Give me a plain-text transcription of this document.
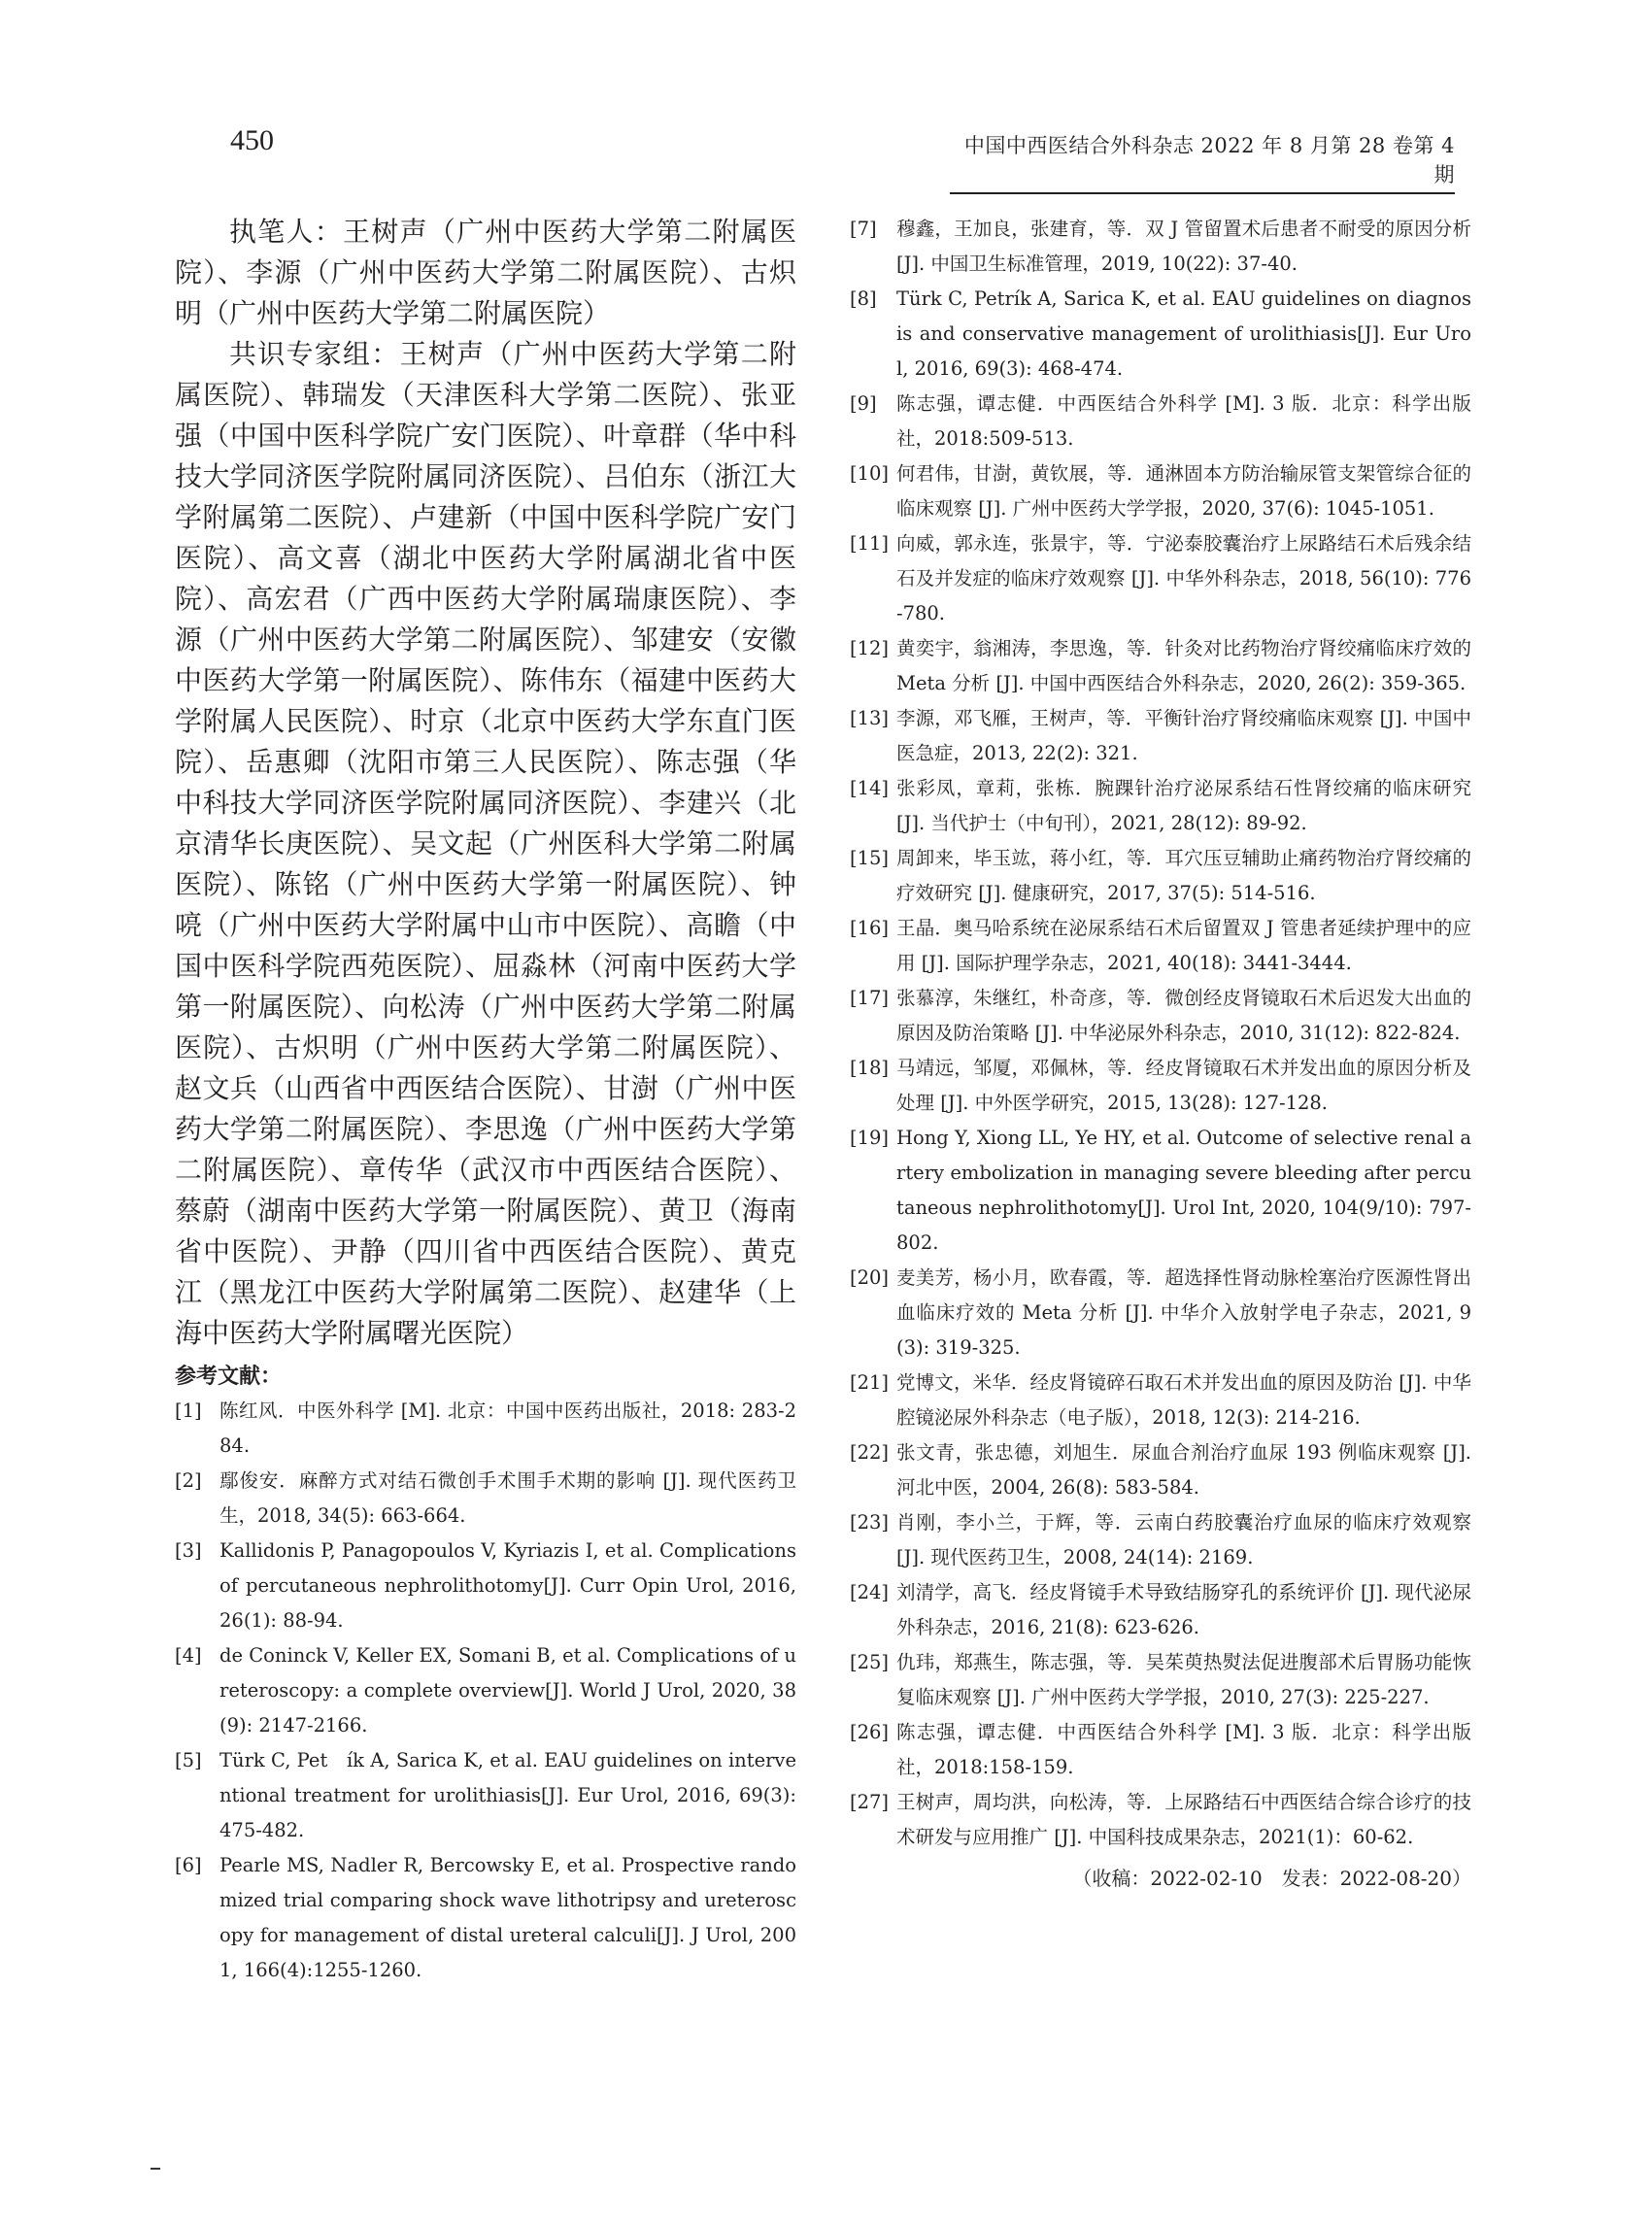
450	中国中西医结合外科杂志 2022 年 8 月第 28 卷第 4 期

执笔人：王树声（广州中医药大学第二附属医院）、李源（广州中医药大学第二附属医院）、古炽明（广州中医药大学第二附属医院）

共识专家组：王树声（广州中医药大学第二附属医院）、韩瑞发（天津医科大学第二医院）、张亚强（中国中医科学院广安门医院）、叶章群（华中科技大学同济医学院附属同济医院）、吕伯东（浙江大学附属第二医院）、卢建新（中国中医科学院广安门医院）、高文喜（湖北中医药大学附属湖北省中医院）、高宏君（广西中医药大学附属瑞康医院）、李源（广州中医药大学第二附属医院）、邹建安（安徽中医药大学第一附属医院）、陈伟东（福建中医药大学附属人民医院）、时京（北京中医药大学东直门医院）、岳惠卿（沈阳市第三人民医院）、陈志强（华中科技大学同济医学院附属同济医院）、李建兴（北京清华长庚医院）、吴文起（广州医科大学第二附属医院）、陈铭（广州中医药大学第一附属医院）、钟喨（广州中医药大学附属中山市中医院）、高瞻（中国中医科学院西苑医院）、屈淼林（河南中医药大学第一附属医院）、向松涛（广州中医药大学第二附属医院）、古炽明（广州中医药大学第二附属医院）、赵文兵（山西省中西医结合医院）、甘澍（广州中医药大学第二附属医院）、李思逸（广州中医药大学第二附属医院）、章传华（武汉市中西医结合医院）、蔡蔚（湖南中医药大学第一附属医院）、黄卫（海南省中医院）、尹静（四川省中西医结合医院）、黄克江（黑龙江中医药大学附属第二医院）、赵建华（上海中医药大学附属曙光医院）

参考文献：
[1] 陈红风．中医外科学 [M]. 北京：中国中医药出版社，2018: 283-284.
[2] 鄢俊安．麻醉方式对结石微创手术围手术期的影响 [J]. 现代医药卫生，2018, 34(5): 663-664.
[3] Kallidonis P, Panagopoulos V, Kyriazis I, et al. Complications of percutaneous nephrolithotomy[J]. Curr Opin Urol, 2016, 26(1): 88-94.
[4] de Coninck V, Keller EX, Somani B, et al. Complications of ureteroscopy: a complete overview[J]. World J Urol, 2020, 38(9): 2147-2166.
[5] Türk C, Pet　ík A, Sarica K, et al. EAU guidelines on interventional treatment for urolithiasis[J]. Eur Urol, 2016, 69(3): 475-482.
[6] Pearle MS, Nadler R, Bercowsky E, et al. Prospective randomized trial comparing shock wave lithotripsy and ureteroscopy for management of distal ureteral calculi[J]. J Urol, 2001, 166(4):1255-1260.
[7]	穆鑫，王加良，张建育，等．双 J 管留置术后患者不耐受的原因分析 [J]. 中国卫生标准管理，2019, 10(22): 37-40.
[8]	Türk C, Petrík A, Sarica K, et al. EAU guidelines on diagnosis and conservative management of urolithiasis[J]. Eur Urol, 2016, 69(3): 468-474.
[9]	陈志强，谭志健．中西医结合外科学 [M]. 3 版．北京：科学出版社，2018:509-513.
[10] 何君伟，甘澍，黄钦展，等．通淋固本方防治输尿管支架管综合征的临床观察 [J]. 广州中医药大学学报，2020, 37(6): 1045-1051.
[11] 向威，郭永连，张景宇，等．宁泌泰胶囊治疗上尿路结石术后残余结石及并发症的临床疗效观察 [J]. 中华外科杂志，2018, 56(10): 776-780.
[12] 黄奕宇，翁湘涛，李思逸，等．针灸对比药物治疗肾绞痛临床疗效的 Meta 分析 [J]. 中国中西医结合外科杂志，2020, 26(2): 359-365.
[13] 李源，邓飞雁，王树声，等．平衡针治疗肾绞痛临床观察 [J]. 中国中医急症，2013, 22(2): 321.
[14] 张彩凤，章莉，张栋．腕踝针治疗泌尿系结石性肾绞痛的临床研究 [J]. 当代护士（中旬刊），2021, 28(12): 89-92.
[15] 周卸来，毕玉竑，蒋小红，等．耳穴压豆辅助止痛药物治疗肾绞痛的疗效研究 [J]. 健康研究，2017, 37(5): 514-516.
[16] 王晶．奥马哈系统在泌尿系结石术后留置双 J 管患者延续护理中的应用 [J]. 国际护理学杂志，2021, 40(18): 3441-3444.
[17] 张慕淳，朱继红，朴奇彦，等．微创经皮肾镜取石术后迟发大出血的原因及防治策略 [J]. 中华泌尿外科杂志，2010, 31(12): 822-824.
[18] 马靖远，邹厦，邓佩林，等．经皮肾镜取石术并发出血的原因分析及处理 [J]. 中外医学研究，2015, 13(28): 127-128.
[19] Hong Y, Xiong LL, Ye HY, et al. Outcome of selective renal artery embolization in managing severe bleeding after percutaneous nephrolithotomy[J]. Urol Int, 2020, 104(9/10): 797-802.
[20] 麦美芳，杨小月，欧春霞，等．超选择性肾动脉栓塞治疗医源性肾出血临床疗效的 Meta 分析 [J]. 中华介入放射学电子杂志，2021, 9(3): 319-325.
[21] 党博文，米华．经皮肾镜碎石取石术并发出血的原因及防治 [J]. 中华腔镜泌尿外科杂志（电子版），2018, 12(3): 214-216.
[22] 张文青，张忠德，刘旭生．尿血合剂治疗血尿 193 例临床观察 [J]. 河北中医，2004, 26(8): 583-584.
[23] 肖刚，李小兰，于辉，等．云南白药胶囊治疗血尿的临床疗效观察 [J]. 现代医药卫生，2008, 24(14): 2169.
[24] 刘清学，高飞．经皮肾镜手术导致结肠穿孔的系统评价 [J]. 现代泌尿外科杂志，2016, 21(8): 623-626.
[25] 仇玮，郑燕生，陈志强，等．吴茱萸热熨法促进腹部术后胃肠功能恢复临床观察 [J]. 广州中医药大学学报，2010, 27(3): 225-227.
[26] 陈志强，谭志健．中西医结合外科学 [M]. 3 版．北京：科学出版社，2018:158-159.
[27] 王树声，周均洪，向松涛，等．上尿路结石中西医结合综合诊疗的技术研发与应用推广 [J]. 中国科技成果杂志，2021(1)：60-62.
（收稿：2022-02-10　发表：2022-08-20）
